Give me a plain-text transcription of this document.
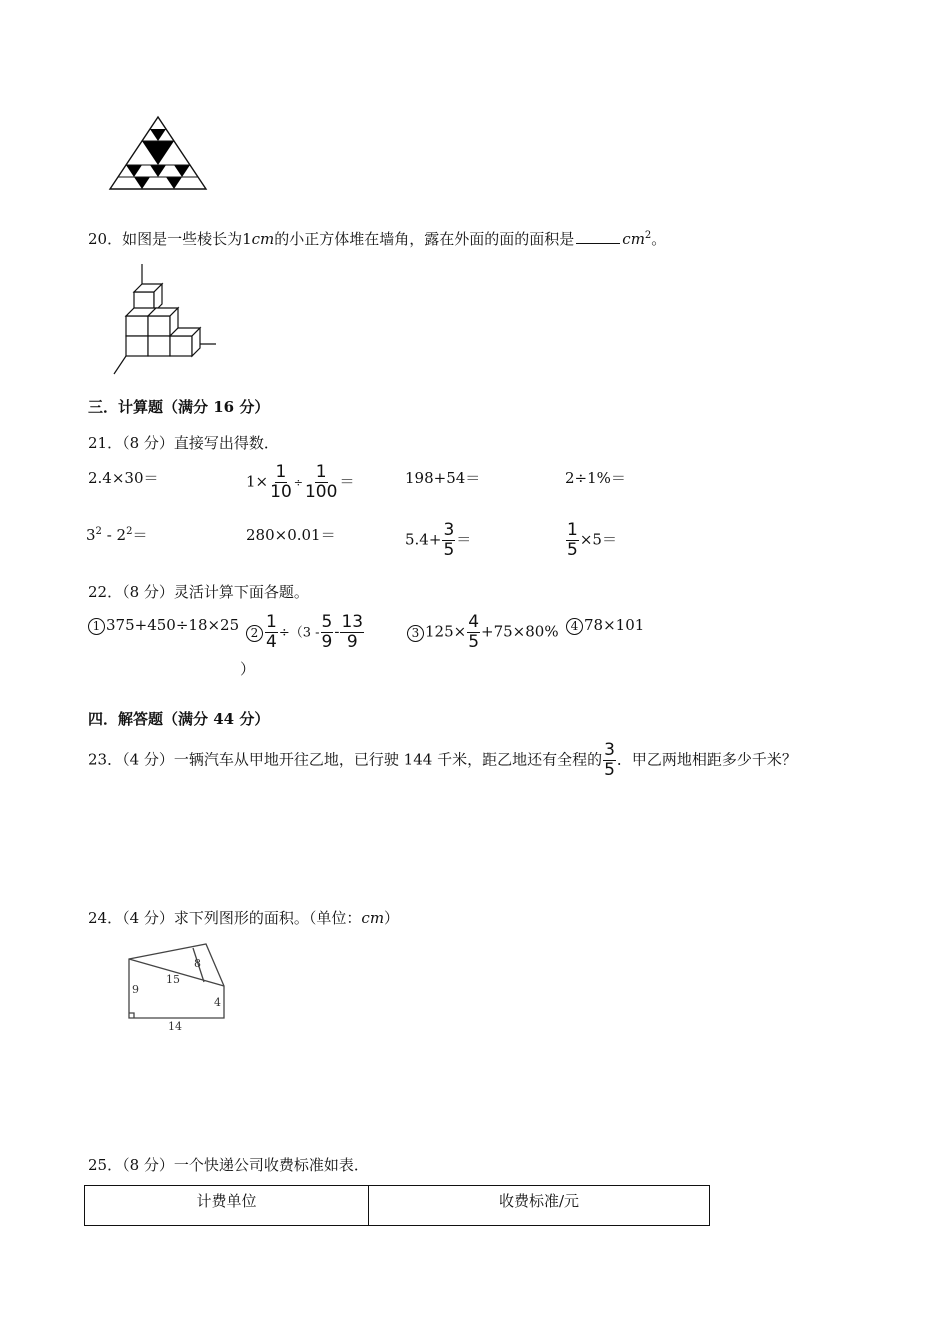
20．如图是一些棱长为1cm的小正方体堆在墙角，露在外面的面的面积是	$cm^2$。
三．计算题（满分 16 分）
21．（8 分）直接写出得数．
2.4×30＝	$1\times \frac{1}{10} \div \frac{1}{100}$ ＝	198+54＝	2÷1%＝
$3^2 - 2^2=$	280×0.01＝	$5.4+ \frac{3}{5}$ ＝	$\frac{1}{5} \times 5=$
22．（8 分）灵活计算下面各题。
1 375+450÷18×25 $2 \frac{1}{4} \div(3 - \frac{5}{9} - \frac{13}{9}$
）
3 $125\times \frac{4}{5} +75\times 80\%$	4 78×101
四．解答题（满分 44 分）
23．（4 分）一辆汽车从甲地开往乙地，已行驶 144 千米，距乙地还有全程的 $\frac{3}{5}$ ．甲乙两地相距多少千米？
24．（4 分）求下列图形的面积。（单位：cm）
9
15
8
4
14
25．（8 分）一个快递公司收费标准如表．
计费单位	收费标准/元
